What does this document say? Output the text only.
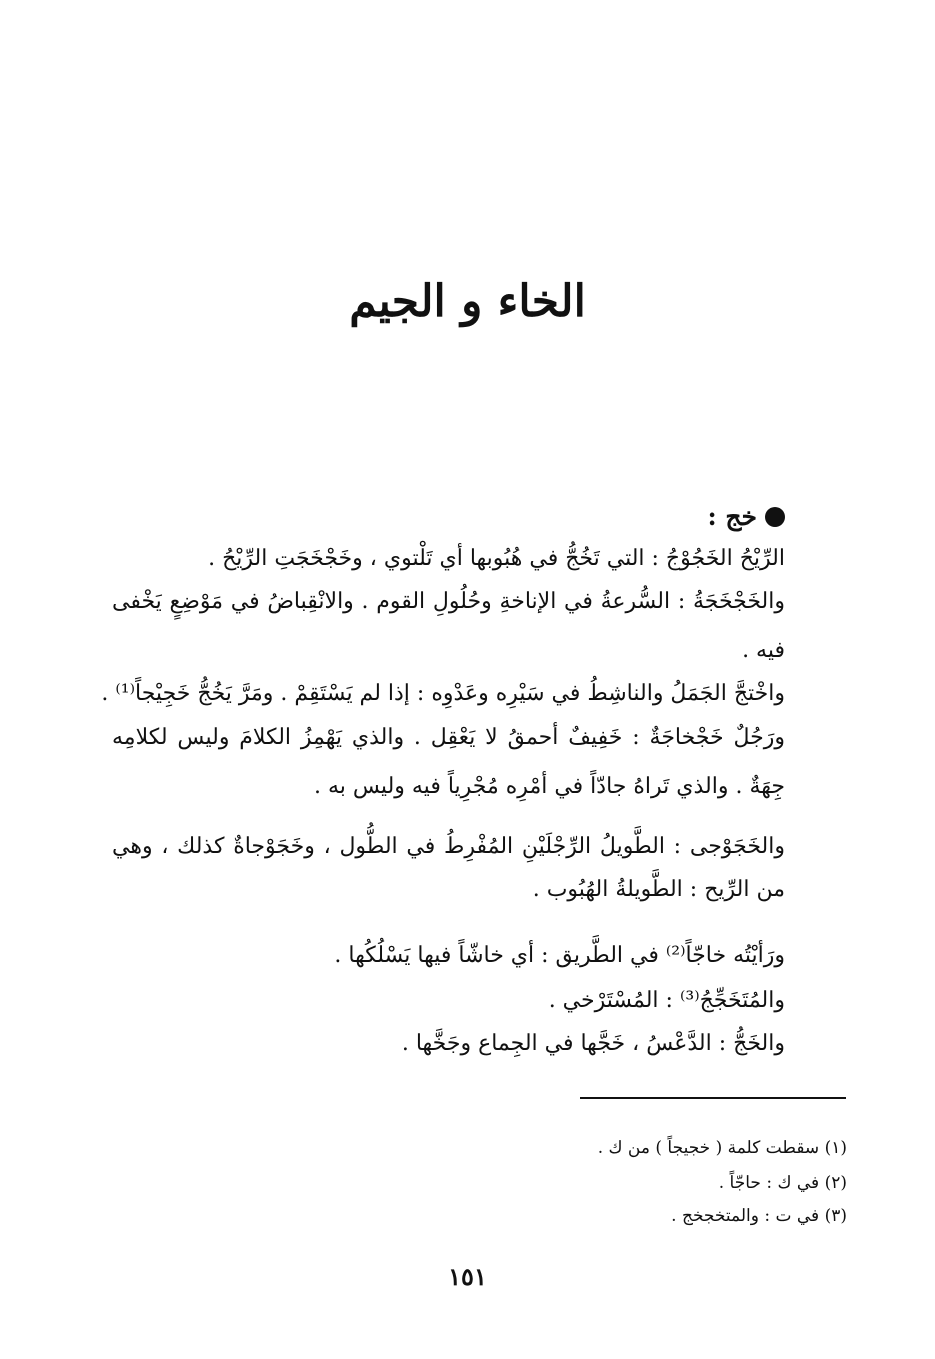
الخاء و الجيم
خج :
الرِّيْحُ الخَجُوْجُ : التي تَخُجُّ في هُبُوبها أي تَلْتوي ، وخَجْخَجَتِ الرِّيْحُ .
والخَجْخَجَةُ : السُّرعةُ في الإناخةِ وحُلُولِ القوم . والانْقِباضُ في مَوْضِعٍ يَخْفى
فيه .
واخْتجَّ الجَمَلُ والناشِطُ في سَيْرِه وعَدْوِه : إذا لم يَسْتَقِمْ . ومَرَّ يَخُجُّ خَجِيْجاً⁽¹⁾ .
ورَجُلٌ خَجْخاجَةٌ : خَفِيفٌ أحمقُ لا يَعْقِل . والذي يَهْمِزُ الكلامَ وليس لكلامِه
جِهَةٌ . والذي تَراهُ جادّاً في أمْرِه مُجْرِياً فيه وليس به .
والخَجَوْجى : الطَّويلُ الرِّجْلَيْنِ المُفْرِطُ في الطُّول ، وخَجَوْجاةٌ كذلك ، وهي
من الرِّيح : الطَّويلةُ الهُبُوب .
ورَأيْتُه خاجّاً⁽²⁾ في الطَّريق : أي خاشّاً فيها يَسْلُكُها .
والمُتَخَجِّجُ⁽³⁾ : المُسْتَرْخي .
والخَجُّ : الدَّعْسُ ، خَجَّها في الجِماع وجَخَّها .
(١) سقطت كلمة ( خجيجاً ) من ك .
(٢) في ك : حاجّاً .
(٣) في ت : والمتخجخج .
١٥١
